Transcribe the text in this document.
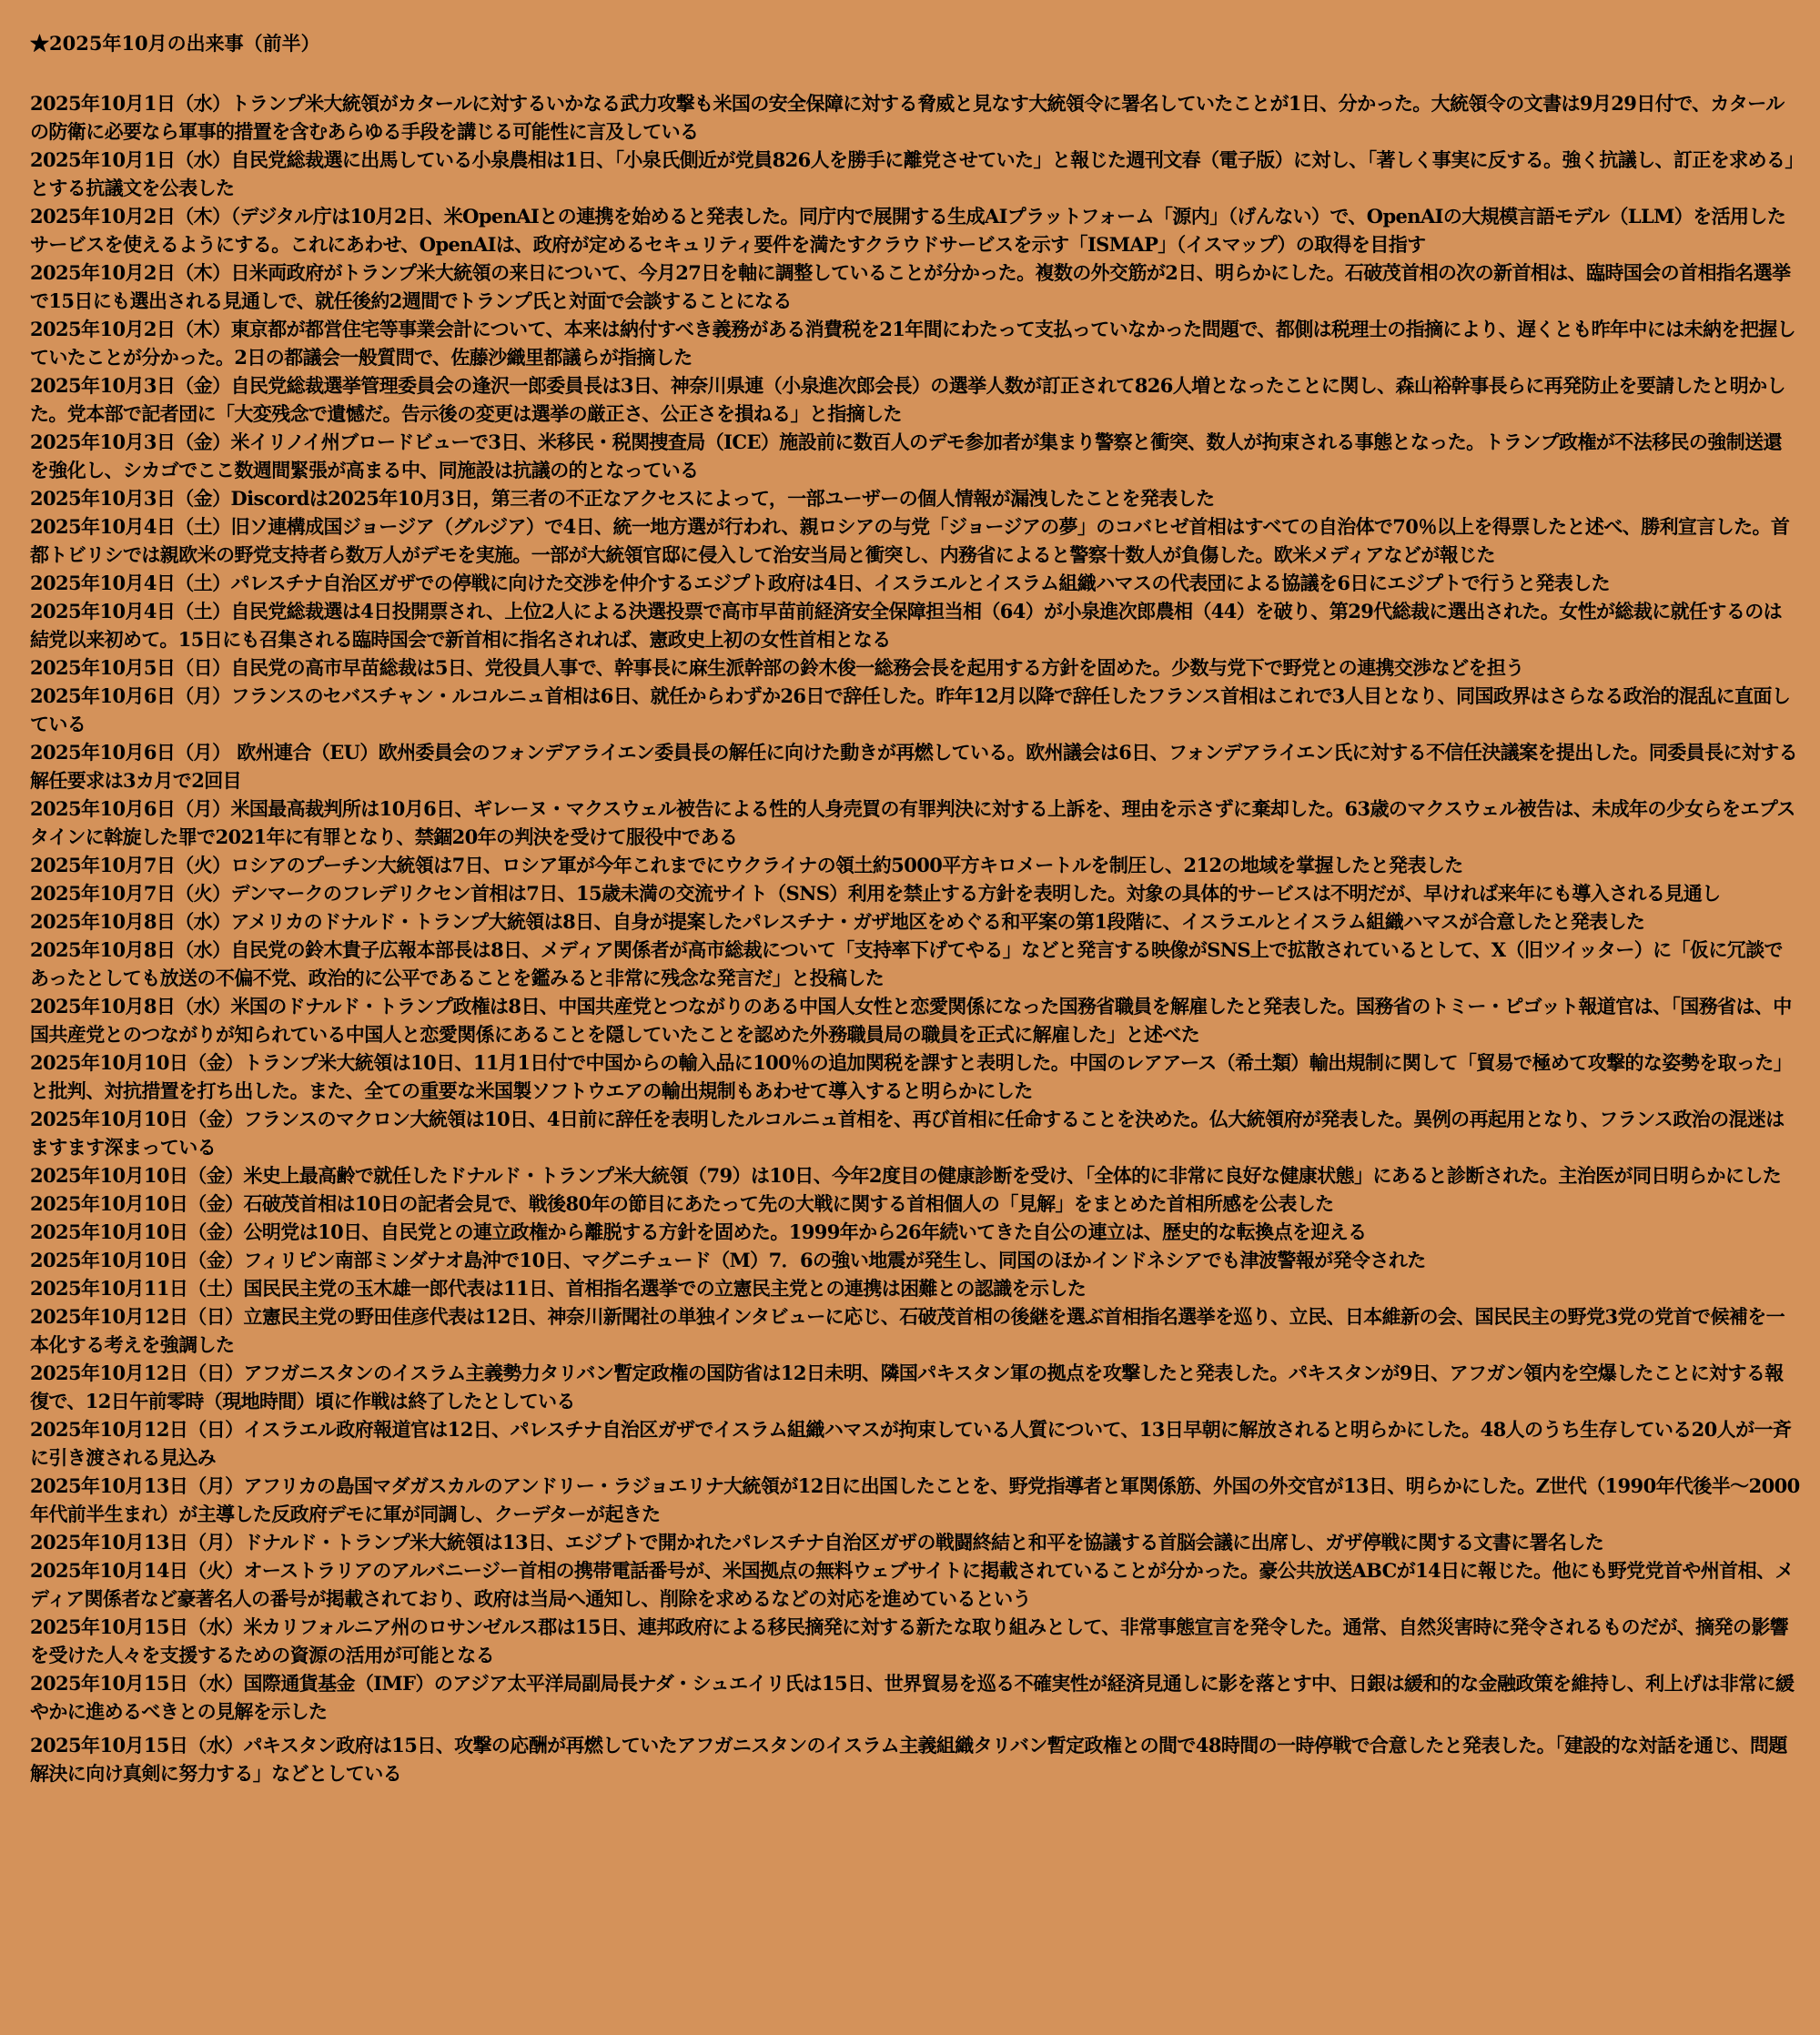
★2025年10月の出来事（前半）

2025年10月1日（水）トランプ米大統領がカタールに対するいかなる武力攻撃も米国の安全保障に対する脅威と見なす大統領令に署名していたことが1日、分かった。大統領令の文書は9月29日付で、カタールの防衛に必要なら軍事的措置を含むあらゆる手段を講じる可能性に言及している

2025年10月1日（水）自民党総裁選に出馬している小泉農相は1日、「小泉氏側近が党員826人を勝手に離党させていた」と報じた週刊文春（電子版）に対し、「著しく事実に反する。強く抗議し、訂正を求める」とする抗議文を公表した

2025年10月2日（木）（デジタル庁は10月2日、米OpenAIとの連携を始めると発表した。同庁内で展開する生成AIプラットフォーム「源内」（げんない）で、OpenAIの大規模言語モデル（LLM）を活用したサービスを使えるようにする。これにあわせ、OpenAIは、政府が定めるセキュリティ要件を満たすクラウドサービスを示す「ISMAP」（イスマップ）の取得を目指す

2025年10月2日（木）日米両政府がトランプ米大統領の来日について、今月27日を軸に調整していることが分かった。複数の外交筋が2日、明らかにした。石破茂首相の次の新首相は、臨時国会の首相指名選挙で15日にも選出される見通しで、就任後約2週間でトランプ氏と対面で会談することになる

2025年10月2日（木）東京都が都営住宅等事業会計について、本来は納付すべき義務がある消費税を21年間にわたって支払っていなかった問題で、都側は税理士の指摘により、遅くとも昨年中には未納を把握していたことが分かった。2日の都議会一般質問で、佐藤沙織里都議らが指摘した

2025年10月3日（金）自民党総裁選挙管理委員会の逢沢一郎委員長は3日、神奈川県連（小泉進次郎会長）の選挙人数が訂正されて826人増となったことに関し、森山裕幹事長らに再発防止を要請したと明かした。党本部で記者団に「大変残念で遺憾だ。告示後の変更は選挙の厳正さ、公正さを損ねる」と指摘した

2025年10月3日（金）米イリノイ州ブロードビューで3日、米移民・税関捜査局（ICE）施設前に数百人のデモ参加者が集まり警察と衝突、数人が拘束される事態となった。トランプ政権が不法移民の強制送還を強化し、シカゴでここ数週間緊張が高まる中、同施設は抗議の的となっている

2025年10月3日（金）Discordは2025年10月3日，第三者の不正なアクセスによって，一部ユーザーの個人情報が漏洩したことを発表した

2025年10月4日（土）旧ソ連構成国ジョージア（グルジア）で4日、統一地方選が行われ、親ロシアの与党「ジョージアの夢」のコバヒゼ首相はすべての自治体で70％以上を得票したと述べ、勝利宣言した。首都トビリシでは親欧米の野党支持者ら数万人がデモを実施。一部が大統領官邸に侵入して治安当局と衝突し、内務省によると警察十数人が負傷した。欧米メディアなどが報じた

2025年10月4日（土）パレスチナ自治区ガザでの停戦に向けた交渉を仲介するエジプト政府は4日、イスラエルとイスラム組織ハマスの代表団による協議を6日にエジプトで行うと発表した

2025年10月4日（土）自民党総裁選は4日投開票され、上位2人による決選投票で高市早苗前経済安全保障担当相（64）が小泉進次郎農相（44）を破り、第29代総裁に選出された。女性が総裁に就任するのは結党以来初めて。15日にも召集される臨時国会で新首相に指名されれば、憲政史上初の女性首相となる

2025年10月5日（日）自民党の高市早苗総裁は5日、党役員人事で、幹事長に麻生派幹部の鈴木俊一総務会長を起用する方針を固めた。少数与党下で野党との連携交渉などを担う

2025年10月6日（月）フランスのセバスチャン・ルコルニュ首相は6日、就任からわずか26日で辞任した。昨年12月以降で辞任したフランス首相はこれで3人目となり、同国政界はさらなる政治的混乱に直面している

2025年10月6日（月） 欧州連合（EU）欧州委員会のフォンデアライエン委員長の解任に向けた動きが再燃している。欧州議会は6日、フォンデアライエン氏に対する不信任決議案を提出した。同委員長に対する解任要求は3カ月で2回目

2025年10月6日（月）米国最高裁判所は10月6日、ギレーヌ・マクスウェル被告による性的人身売買の有罪判決に対する上訴を、理由を示さずに棄却した。63歳のマクスウェル被告は、未成年の少女らをエプスタインに斡旋した罪で2021年に有罪となり、禁錮20年の判決を受けて服役中である

2025年10月7日（火）ロシアのプーチン大統領は7日、ロシア軍が今年これまでにウクライナの領土約5000平方キロメートルを制圧し、212の地域を掌握したと発表した

2025年10月7日（火）デンマークのフレデリクセン首相は7日、15歳未満の交流サイト（SNS）利用を禁止する方針を表明した。対象の具体的サービスは不明だが、早ければ来年にも導入される見通し

2025年10月8日（水）アメリカのドナルド・トランプ大統領は8日、自身が提案したパレスチナ・ガザ地区をめぐる和平案の第1段階に、イスラエルとイスラム組織ハマスが合意したと発表した

2025年10月8日（水）自民党の鈴木貴子広報本部長は8日、メディア関係者が高市総裁について「支持率下げてやる」などと発言する映像がSNS上で拡散されているとして、X（旧ツイッター）に「仮に冗談であったとしても放送の不偏不党、政治的に公平であることを鑑みると非常に残念な発言だ」と投稿した

2025年10月8日（水）米国のドナルド・トランプ政権は8日、中国共産党とつながりのある中国人女性と恋愛関係になった国務省職員を解雇したと発表した。国務省のトミー・ピゴット報道官は、「国務省は、中国共産党とのつながりが知られている中国人と恋愛関係にあることを隠していたことを認めた外務職員局の職員を正式に解雇した」と述べた

2025年10月10日（金）トランプ米大統領は10日、11月1日付で中国からの輸入品に100％の追加関税を課すと表明した。中国のレアアース（希土類）輸出規制に関して「貿易で極めて攻撃的な姿勢を取った」と批判、対抗措置を打ち出した。また、全ての重要な米国製ソフトウエアの輸出規制もあわせて導入すると明らかにした

2025年10月10日（金）フランスのマクロン大統領は10日、4日前に辞任を表明したルコルニュ首相を、再び首相に任命することを決めた。仏大統領府が発表した。異例の再起用となり、フランス政治の混迷はますます深まっている

2025年10月10日（金）米史上最高齢で就任したドナルド・トランプ米大統領（79）は10日、今年2度目の健康診断を受け、「全体的に非常に良好な健康状態」にあると診断された。主治医が同日明らかにした

2025年10月10日（金）石破茂首相は10日の記者会見で、戦後80年の節目にあたって先の大戦に関する首相個人の「見解」をまとめた首相所感を公表した

2025年10月10日（金）公明党は10日、自民党との連立政権から離脱する方針を固めた。1999年から26年続いてきた自公の連立は、歴史的な転換点を迎える

2025年10月10日（金）フィリピン南部ミンダナオ島沖で10日、マグニチュード（M）7．6の強い地震が発生し、同国のほかインドネシアでも津波警報が発令された

2025年10月11日（土）国民民主党の玉木雄一郎代表は11日、首相指名選挙での立憲民主党との連携は困難との認識を示した

2025年10月12日（日）立憲民主党の野田佳彦代表は12日、神奈川新聞社の単独インタビューに応じ、石破茂首相の後継を選ぶ首相指名選挙を巡り、立民、日本維新の会、国民民主の野党3党の党首で候補を一本化する考えを強調した

2025年10月12日（日）アフガニスタンのイスラム主義勢力タリバン暫定政権の国防省は12日未明、隣国パキスタン軍の拠点を攻撃したと発表した。パキスタンが9日、アフガン領内を空爆したことに対する報復で、12日午前零時（現地時間）頃に作戦は終了したとしている

2025年10月12日（日）イスラエル政府報道官は12日、パレスチナ自治区ガザでイスラム組織ハマスが拘束している人質について、13日早朝に解放されると明らかにした。48人のうち生存している20人が一斉に引き渡される見込み

2025年10月13日（月）アフリカの島国マダガスカルのアンドリー・ラジョエリナ大統領が12日に出国したことを、野党指導者と軍関係筋、外国の外交官が13日、明らかにした。Z世代（1990年代後半～2000年代前半生まれ）が主導した反政府デモに軍が同調し、クーデターが起きた

2025年10月13日（月）ドナルド・トランプ米大統領は13日、エジプトで開かれたパレスチナ自治区ガザの戦闘終結と和平を協議する首脳会議に出席し、ガザ停戦に関する文書に署名した

2025年10月14日（火）オーストラリアのアルバニージー首相の携帯電話番号が、米国拠点の無料ウェブサイトに掲載されていることが分かった。豪公共放送ABCが14日に報じた。他にも野党党首や州首相、メディア関係者など豪著名人の番号が掲載されており、政府は当局へ通知し、削除を求めるなどの対応を進めているという

2025年10月15日（水）米カリフォルニア州のロサンゼルス郡は15日、連邦政府による移民摘発に対する新たな取り組みとして、非常事態宣言を発令した。通常、自然災害時に発令されるものだが、摘発の影響を受けた人々を支援するための資源の活用が可能となる

2025年10月15日（水）国際通貨基金（IMF）のアジア太平洋局副局長ナダ・シュエイリ氏は15日、世界貿易を巡る不確実性が経済見通しに影を落とす中、日銀は緩和的な金融政策を維持し、利上げは非常に緩やかに進めるべきとの見解を示した

2025年10月15日（水）パキスタン政府は15日、攻撃の応酬が再燃していたアフガニスタンのイスラム主義組織タリバン暫定政権との間で48時間の一時停戦で合意したと発表した。「建設的な対話を通じ、問題解決に向け真剣に努力する」などとしている
